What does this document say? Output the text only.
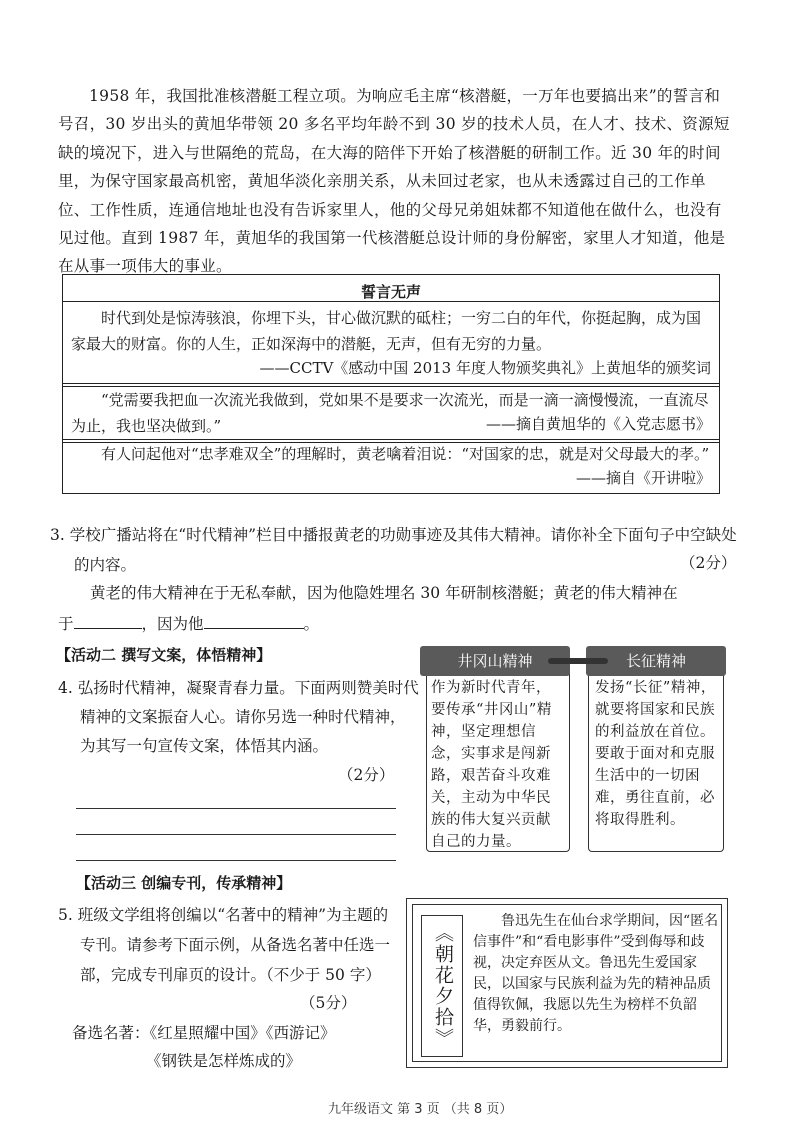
1958 年，我国批准核潜艇工程立项。为响应毛主席“核潜艇，一万年也要搞出来”的誓言和号召，30 岁出头的黄旭华带领 20 多名平均年龄不到 30 岁的技术人员，在人才、技术、资源短缺的境况下，进入与世隔绝的荒岛，在大海的陪伴下开始了核潜艇的研制工作。近 30 年的时间里，为保守国家最高机密，黄旭华淡化亲朋关系，从未回过老家，也从未透露过自己的工作单位、工作性质，连通信地址也没有告诉家里人，他的父母兄弟姐妹都不知道他在做什么，也没有见过他。直到 1987 年，黄旭华的我国第一代核潜艇总设计师的身份解密，家里人才知道，他是在从事一项伟大的事业。
誓言无声
时代到处是惊涛骇浪，你埋下头，甘心做沉默的砥柱；一穷二白的年代，你挺起胸，成为国家最大的财富。你的人生，正如深海中的潜艇，无声，但有无穷的力量。
——CCTV《感动中国 2013 年度人物颁奖典礼》上黄旭华的颁奖词
“党需要我把血一次流光我做到，党如果不是要求一次流光，而是一滴一滴慢慢流，一直流尽为止，我也坚决做到。”	——摘自黄旭华的《入党志愿书》
有人问起他对“忠孝难双全”的理解时，黄老噙着泪说：“对国家的忠，就是对父母最大的孝。”
——摘自《开讲啦》
3. 学校广播站将在“时代精神”栏目中播报黄老的功勋事迹及其伟大精神。请你补全下面句子中空缺处的内容。	（2分）
黄老的伟大精神在于无私奉献，因为他隐姓埋名 30 年研制核潜艇；黄老的伟大精神在
于	，因为他	。
【活动二 撰写文案，体悟精神】
4. 弘扬时代精神，凝聚青春力量。下面两则赞美时代精神的文案振奋人心。请你另选一种时代精神，为其写一句宣传文案，体悟其内涵。
（2分）
作为新时代青年，要传承“井冈山”精神，坚定理想信念，实事求是闯新路，艰苦奋斗攻难关，主动为中华民族的伟大复兴贡献自己的力量。
井冈山精神
发扬“长征”精神，就要将国家和民族的利益放在首位。要敢于面对和克服生活中的一切困难，勇往直前，必将取得胜利。
长征精神
【活动三 创编专刊，传承精神】
5. 班级文学组将创编以“名著中的精神”为主题的专刊。请参考下面示例，从备选名著中任选一部，完成专刊扉页的设计。（不少于 50 字）
（5分）
备选名著：《红星照耀中国》《西游记》
《钢铁是怎样炼成的》
《朝花夕拾》
鲁迅先生在仙台求学期间，因“匿名信事件”和“看电影事件”受到侮辱和歧视，决定弃医从文。鲁迅先生爱国家民，以国家与民族利益为先的精神品质值得钦佩，我愿以先生为榜样不负韶华，勇毅前行。
九年级语文 第 3 页 （共 8 页）
